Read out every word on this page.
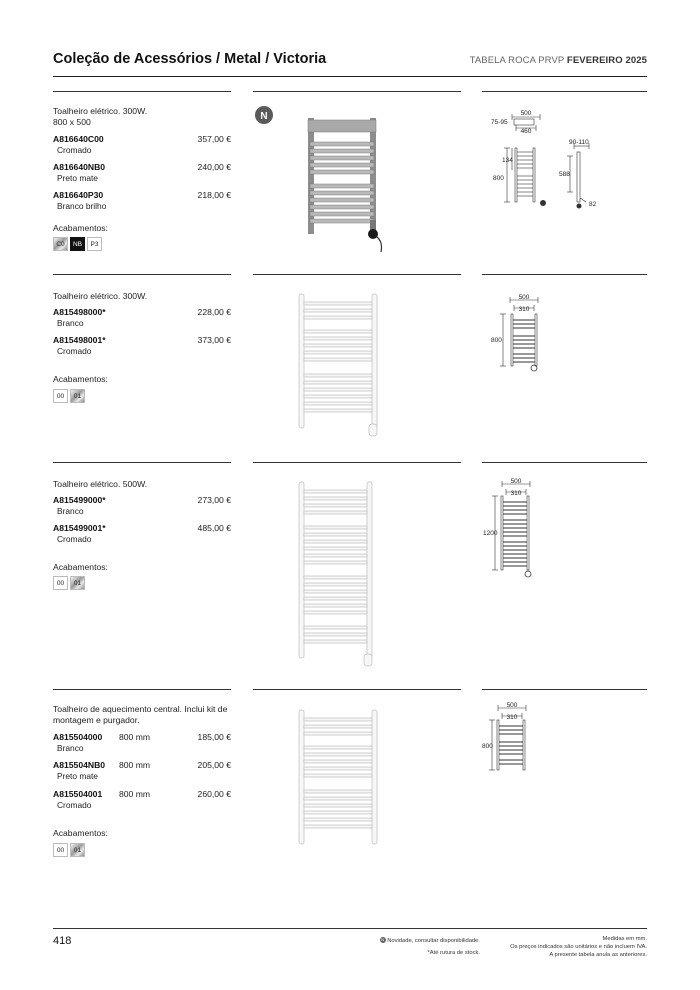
Coleção de Acessórios / Metal / Victoria	TABELA ROCA PRVP FEVEREIRO 2025
Toalheiro elétrico. 300W.
800 x 500
A816640C00
Cromado
357,00 €
A816640NB0
Preto mate
240,00 €
A816640P30
Branco brilho
218,00 €
Acabamentos:
C0	NB	P3
N	500
460
75-95
134
800
90-110
588
82
Toalheiro elétrico. 300W.
A815498000*
Branco
228,00 €
A815498001*
Cromado
373,00 €
Acabamentos:
00	01
500
310
800
Toalheiro elétrico. 500W.
A815499000*
Branco
273,00 €
A815499001*
Cromado
485,00 €
Acabamentos:
00	01
500
310
1200
Toalheiro de aquecimento central. Inclui kit de
montagem e purgador.
A815504000 800 mm
Branco
185,00 €
A815504NB0 800 mm
Preto mate
205,00 €
A815504001 800 mm
Cromado
260,00 €
Acabamentos:
00	01
500
310
800
418	N Novidade, consultar disponibilidade.
*Até rutura de stock.
Medidas em mm.
Os preços indicados são unitários e não incluem IVA.
A presente tabela anula as anteriores.
